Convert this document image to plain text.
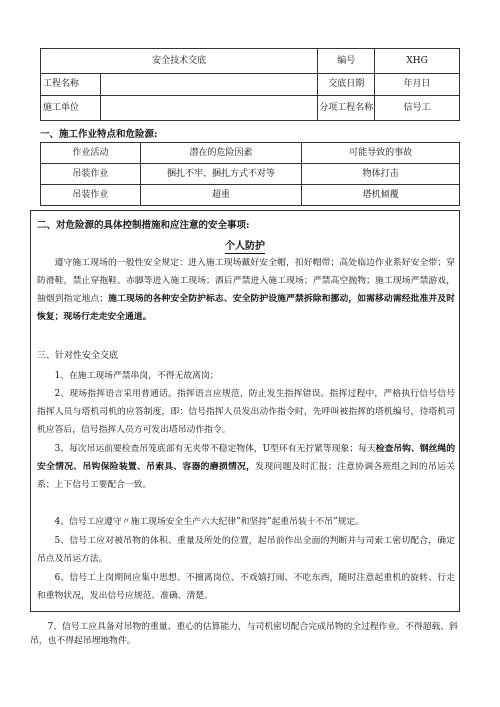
安全技术交底		编号	XHG
工程名称		交底日期	年月日
施工单位		分项工程名称	信号工
一、施工作业特点和危险源:
作业活动	潜在的危险因素	可能导致的事故
吊装作业	捆扎不牢、捆扎方式不对等	物体打击
吊装作业	超重	塔机倾覆
二、对危险源的具体控制措施和应注意的安全事项:
个人防护
遵守施工现场的一般性安全规定：进入施工现场戴好安全帽，扣好帽带；高处临边作业系好安全带；穿防滑鞋，禁止穿拖鞋、赤脚等进入施工现场；酒后严禁进入施工现场；严禁高空抛物；施工现场严禁游戏，抽烟到指定地点；施工现场的各种安全防护标志、安全防护设施严禁拆除和挪动，如需移动需经批准并及时恢复；现场行走走安全通道。
三、针对性安全交底
1、在施工现场严禁串岗，不得无故离岗；
2、现场指挥语言采用普通话。指挥语言应规范，防止发生指挥错误。指挥过程中，严格执行信号信号指挥人员与塔机司机的应答制度，即：信号指挥人员发出动作指令时，先呼叫被指挥的塔机编号，待塔机司机应答后，信号指挥人员方可发出塔吊动作指令。
3、每次吊运前要检查吊笼底部有无夹带不稳定物体，U型环有无拧紧等现象；每天检查吊钩、钢丝绳的安全情况、吊钩保险装置、吊索具、容器的磨损情况，发现问题及时汇报；注意协调各班组之间的吊运关系；上下信号工要配合一致。
4、信号工应遵守〃施工现场安全生产六大纪律”和坚持”起重吊装十不吊”规定。
5、信号工应对被吊物的体积、重量及所处的位置，起吊前作出全面的判断并与司索工密切配合，确定吊点及吊运方法。
6、信号工上岗期间应集中思想、不擅离岗位、不戏嬉打闹、不吃东西，随时注意起重机的旋转、行走和重物状况，发出信号应规范、准确、清楚。
7、信号工应具备对吊物的重量、重心的估算能力，与司机密切配合完成吊物的全过程作业。不得超载、斜吊，也不得起吊埋地物件。
